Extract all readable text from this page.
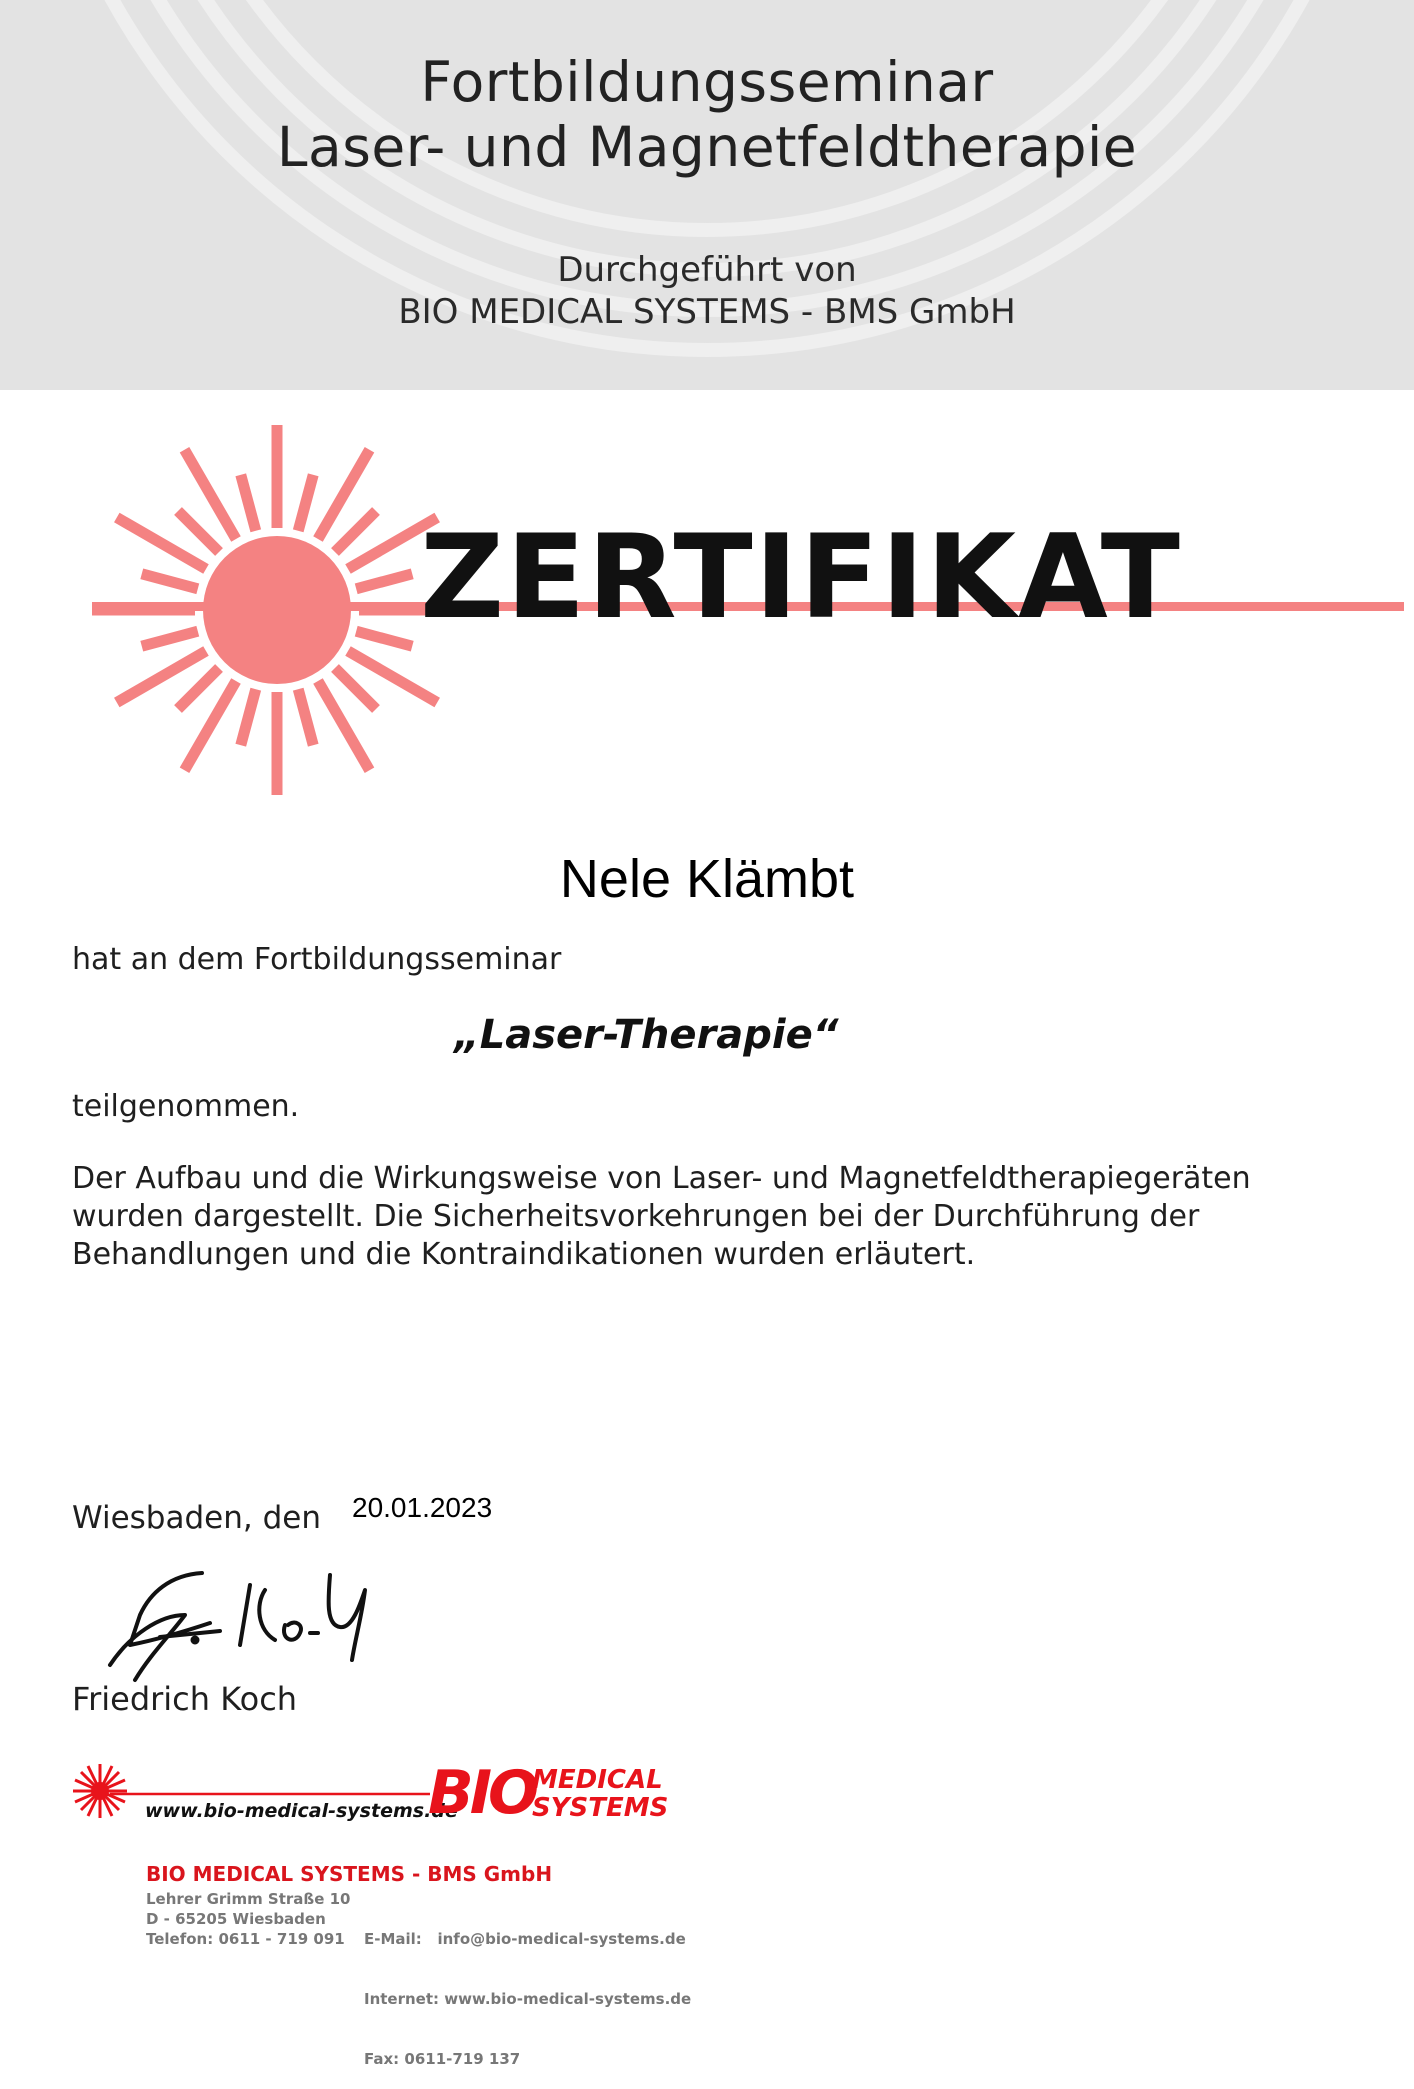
Fortbildungsseminar
Laser- und Magnetfeldtherapie
Durchgeführt von
BIO MEDICAL SYSTEMS - BMS GmbH
ZERTIFIKAT
Nele Klämbt
hat an dem Fortbildungsseminar
„Laser-Therapie“
teilgenommen.
Der Aufbau und die Wirkungsweise von Laser- und Magnetfeldtherapiegeräten wurden dargestellt. Die Sicherheitsvorkehrungen bei der Durchführung der Behandlungen und die Kontraindikationen wurden erläutert.
Wiesbaden, den 20.01.2023
Friedrich Koch
www.bio-medical-systems.de
BIO
MEDICAL
SYSTEMS
BIO MEDICAL SYSTEMS - BMS GmbH
Lehrer Grimm Straße 10
D - 65205 Wiesbaden
Telefon: 0611 - 719 091

	E-Mail:   info@bio-medical-systems.de

Internet: www.bio-medical-systems.de

Fax: 0611-719 137
